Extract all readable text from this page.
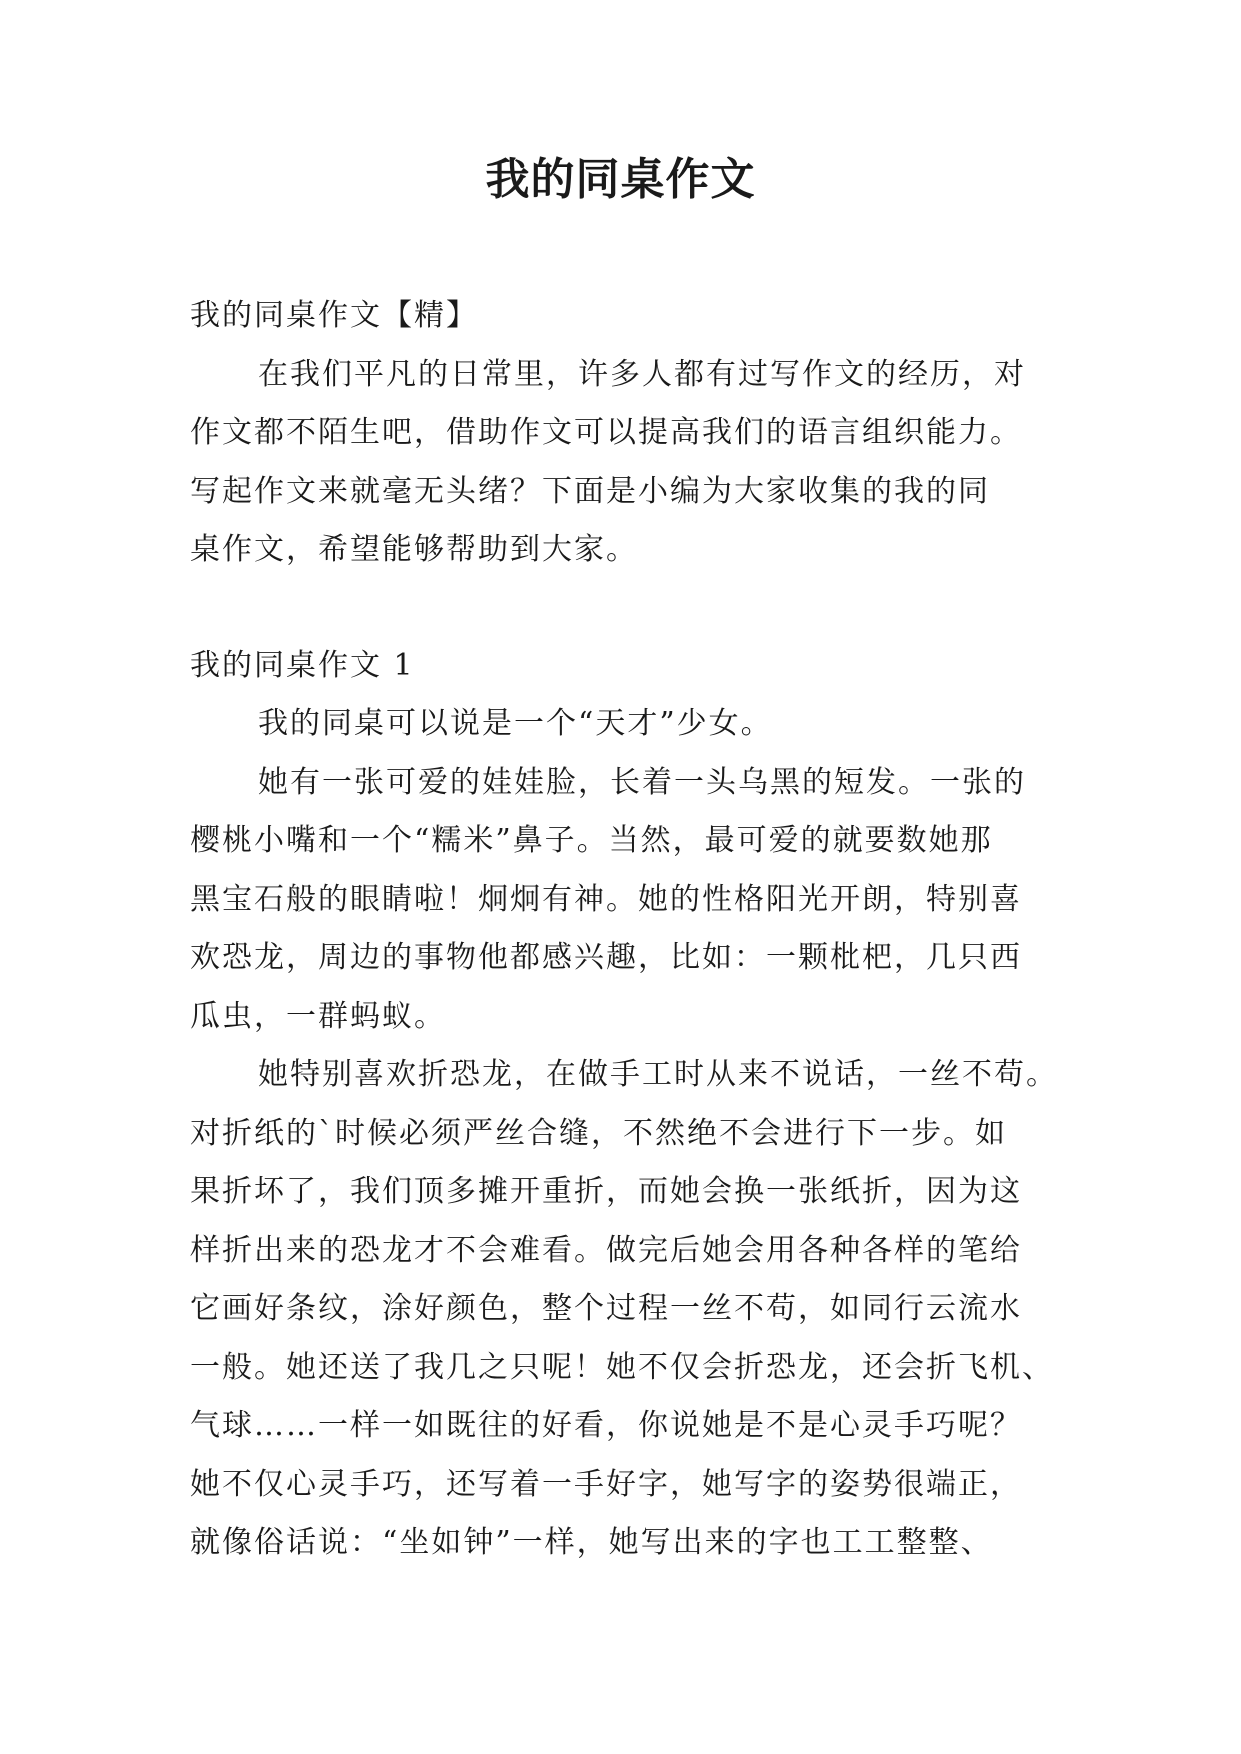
我的同桌作文

我的同桌作文【精】

在我们平凡的日常里，许多人都有过写作文的经历，对

作文都不陌生吧，借助作文可以提高我们的语言组织能力。

写起作文来就毫无头绪？下面是小编为大家收集的我的同

桌作文，希望能够帮助到大家。

我的同桌作文 1

我的同桌可以说是一个“天才”少女。

她有一张可爱的娃娃脸，长着一头乌黑的短发。一张的

樱桃小嘴和一个“糯米”鼻子。当然，最可爱的就要数她那

黑宝石般的眼睛啦！炯炯有神。她的性格阳光开朗，特别喜

欢恐龙，周边的事物他都感兴趣，比如：一颗枇杷，几只西

瓜虫，一群蚂蚁。

她特别喜欢折恐龙，在做手工时从来不说话，一丝不苟。

对折纸的`时候必须严丝合缝，不然绝不会进行下一步。如

果折坏了，我们顶多摊开重折，而她会换一张纸折，因为这

样折出来的恐龙才不会难看。做完后她会用各种各样的笔给

它画好条纹，涂好颜色，整个过程一丝不苟，如同行云流水

一般。她还送了我几之只呢！她不仅会折恐龙，还会折飞机、

气球……一样一如既往的好看，你说她是不是心灵手巧呢？

她不仅心灵手巧，还写着一手好字，她写字的姿势很端正，

就像俗话说：“坐如钟”一样，她写出来的字也工工整整、
